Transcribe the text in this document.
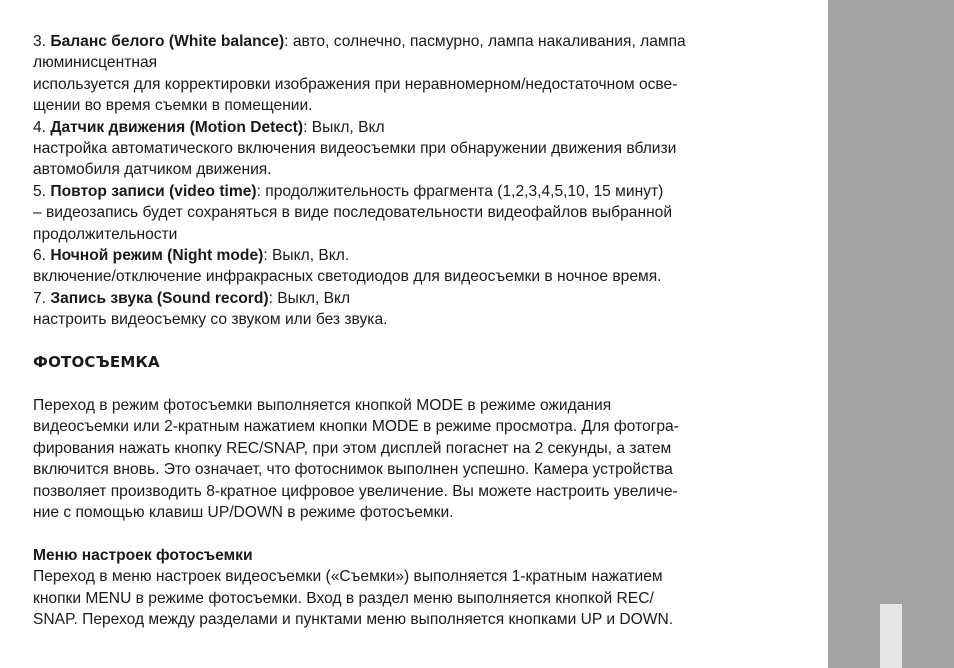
3. Баланс белого (White balance): авто, солнечно, пасмурно, лампа накаливания, лампа
люминисцентная
используется для корректировки изображения при неравномерном/недостаточном осве-
щении во время съемки в помещении.
4. Датчик движения (Motion Detect): Выкл, Вкл
настройка автоматического включения видеосъемки при обнаружении движения вблизи
автомобиля датчиком движения.
5. Повтор записи (video time): продолжительность фрагмента (1,2,3,4,5,10, 15 минут)
– видеозапись будет сохраняться в виде последовательности видеофайлов выбранной
продолжительности
6. Ночной режим (Night mode): Выкл, Вкл.
включение/отключение инфракрасных светодиодов для видеосъемки в ночное время.
7. Запись звука (Sound record): Выкл, Вкл
настроить видеосъемку со звуком или без звука.
ФОТОСЪЕМКА
Переход в режим фотосъемки выполняется кнопкой MODE в режиме ожидания
видеосъемки или 2-кратным нажатием кнопки MODE в режиме просмотра. Для фотогра-
фирования нажать кнопку REC/SNAP, при этом дисплей погаснет на 2 секунды, а затем
включится вновь. Это означает, что фотоснимок выполнен успешно. Камера устройства
позволяет производить 8-кратное цифровое увеличение. Вы можете настроить увеличе-
ние с помощью клавиш UP/DOWN в режиме фотосъемки.
Меню настроек фотосъемки
Переход в меню настроек видеосъемки («Съемки») выполняется 1-кратным нажатием
кнопки MENU в режиме фотосъемки. Вход в раздел меню выполняется кнопкой REC/
SNAP. Переход между разделами и пунктами меню выполняется кнопками UP и DOWN.
